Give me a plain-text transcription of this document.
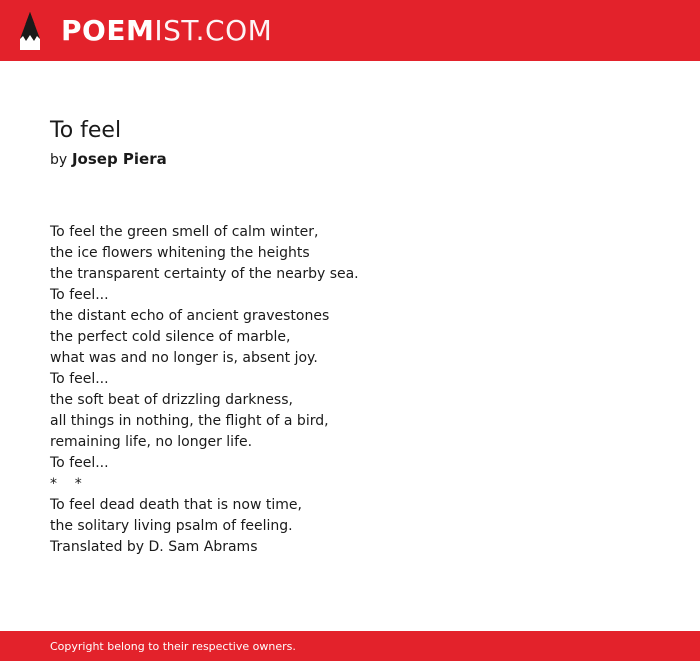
POEMIST.COM
To feel
by Josep Piera
To feel the green smell of calm winter,
the ice flowers whitening the heights
the transparent certainty of the nearby sea.
To feel...
the distant echo of ancient gravestones
the perfect cold silence of marble,
what was and no longer is, absent joy.
To feel...
the soft beat of drizzling darkness,
all things in nothing, the flight of a bird,
remaining life, no longer life.
To feel...
*    *
To feel dead death that is now time,
the solitary living psalm of feeling.
Translated by D. Sam Abrams
Copyright belong to their respective owners.
